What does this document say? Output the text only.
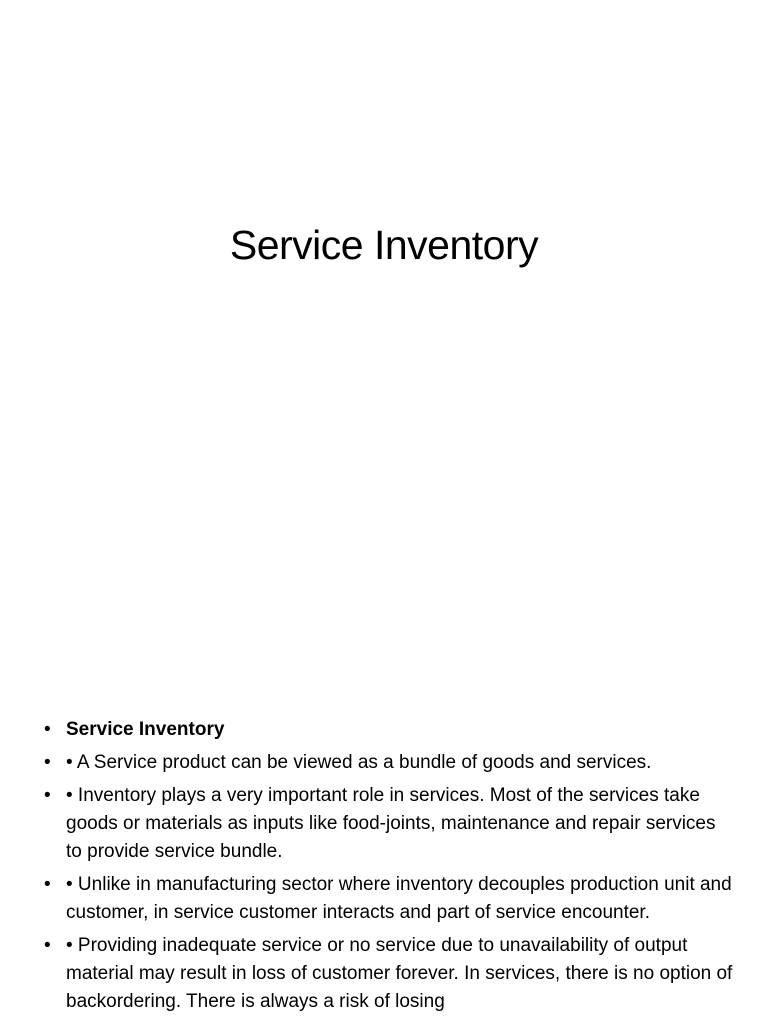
Service Inventory
• Service Inventory
• • A Service product can be viewed as a bundle of goods and services.
• • Inventory plays a very important role in services. Most of the services take goods or materials as inputs like food-joints, maintenance and repair services to provide service bundle.
• • Unlike in manufacturing sector where inventory decouples production unit and customer, in service customer interacts and part of service encounter.
• • Providing inadequate service or no service due to unavailability of output material may result in loss of customer forever. In services, there is no option of backordering. There is always a risk of losing
